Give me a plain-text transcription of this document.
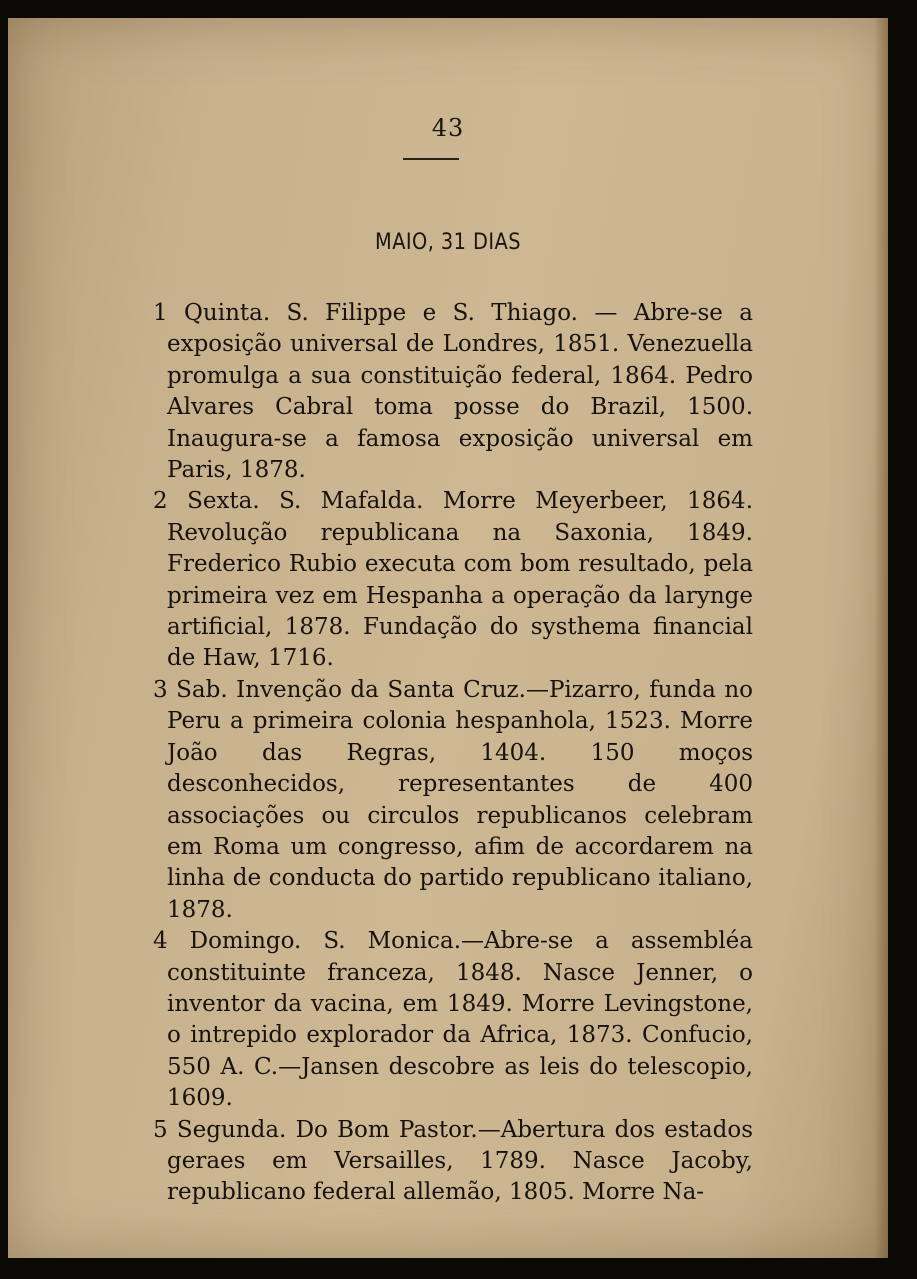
43
MAIO, 31 DIAS

1 Quinta. S. Filippe e S. Thiago. — Abre-se a exposição universal de Londres, 1851. Venezuella promulga a sua constituição federal, 1864. Pedro Alvares Cabral toma posse do Brazil, 1500. Inaugura-se a famosa exposição universal em Paris, 1878.

2 Sexta. S. Mafalda. Morre Meyerbeer, 1864. Revolução republicana na Saxonia, 1849. Frederico Rubio executa com bom resultado, pela primeira vez em Hespanha a operação da larynge artificial, 1878. Fundação do systhema financial de Haw, 1716.

3 Sab. Invenção da Santa Cruz.—Pizarro, funda no Peru a primeira colonia hespanhola, 1523. Morre João das Regras, 1404. 150 moços desconhecidos, representantes de 400 associações ou circulos republicanos celebram em Roma um congresso, afim de accordarem na linha de conducta do partido republicano italiano, 1878.

4 Domingo. S. Monica.—Abre-se a assembléa constituinte franceza, 1848. Nasce Jenner, o inventor da vacina, em 1849. Morre Levingstone, o intrepido explorador da Africa, 1873. Confucio, 550 A. C.—Jansen descobre as leis do telescopio, 1609.

5 Segunda. Do Bom Pastor.—Abertura dos estados geraes em Versailles, 1789. Nasce Jacoby, republicano federal allemão, 1805. Morre Na-
